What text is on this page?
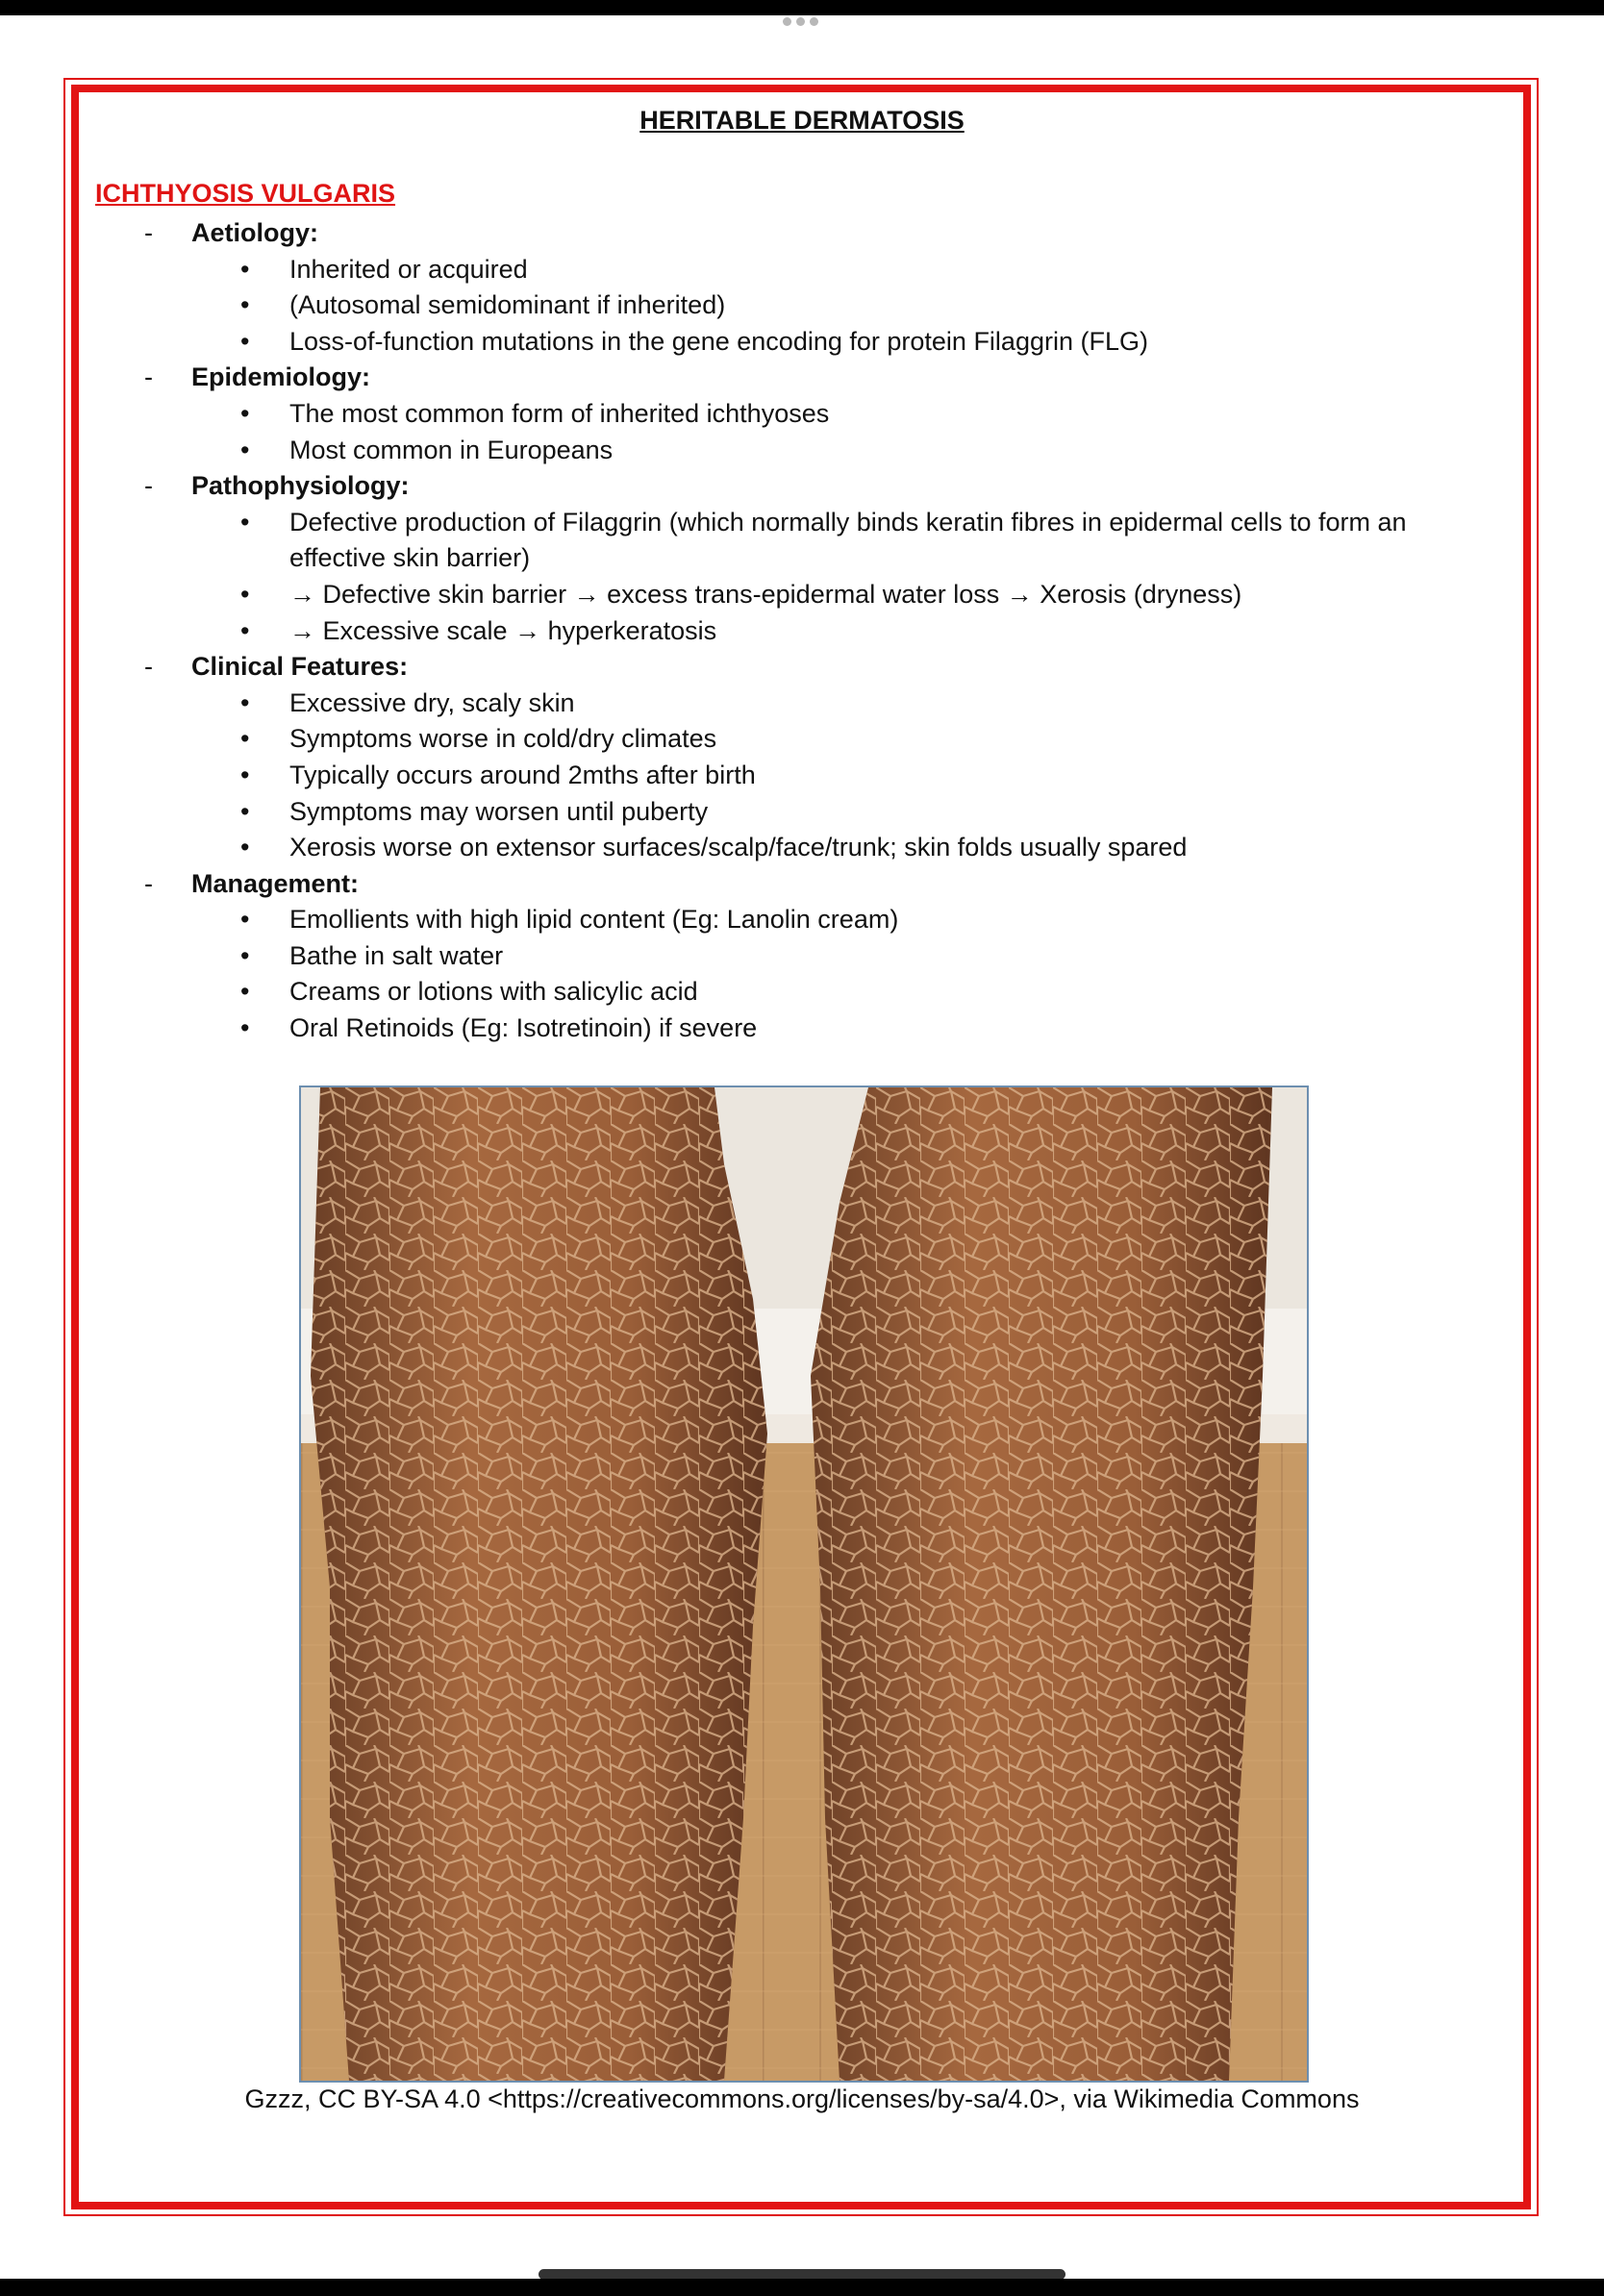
HERITABLE DERMATOSIS
ICHTHYOSIS VULGARIS
- Aetiology:
• Inherited or acquired
• (Autosomal semidominant if inherited)
• Loss-of-function mutations in the gene encoding for protein Filaggrin (FLG)
- Epidemiology:
• The most common form of inherited ichthyoses
• Most common in Europeans
- Pathophysiology:
• Defective production of Filaggrin (which normally binds keratin fibres in epidermal cells to form an effective skin barrier)
• → Defective skin barrier → excess trans-epidermal water loss → Xerosis (dryness)
• → Excessive scale → hyperkeratosis
- Clinical Features:
• Excessive dry, scaly skin
• Symptoms worse in cold/dry climates
• Typically occurs around 2mths after birth
• Symptoms may worsen until puberty
• Xerosis worse on extensor surfaces/scalp/face/trunk; skin folds usually spared
- Management:
• Emollients with high lipid content (Eg: Lanolin cream)
• Bathe in salt water
• Creams or lotions with salicylic acid
• Oral Retinoids (Eg: Isotretinoin) if severe

Gzzz, CC BY-SA 4.0 <https://creativecommons.org/licenses/by-sa/4.0>, via Wikimedia Commons
